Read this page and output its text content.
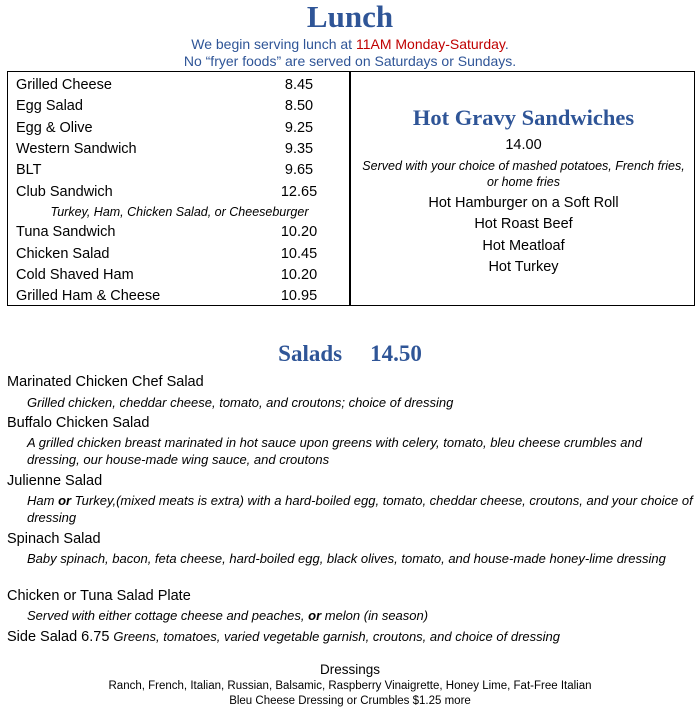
Lunch
We begin serving lunch at 11AM Monday-Saturday.
No “fryer foods” are served on Saturdays or Sundays.
Grilled Cheese	8.45
Egg Salad	8.50
Egg & Olive	9.25
Western Sandwich	9.35
BLT	9.65
Club Sandwich	12.65
Turkey, Ham, Chicken Salad, or Cheeseburger
Tuna Sandwich	10.20
Chicken Salad	10.45
Cold Shaved Ham	10.20
Grilled Ham & Cheese	10.95
Hot Gravy Sandwiches
14.00
Served with your choice of mashed potatoes, French fries, or home fries
Hot Hamburger on a Soft Roll
Hot Roast Beef
Hot Meatloaf
Hot Turkey
Salads 14.50
Marinated Chicken Chef Salad
Grilled chicken, cheddar cheese, tomato, and croutons; choice of dressing
Buffalo Chicken Salad
A grilled chicken breast marinated in hot sauce upon greens with celery, tomato, bleu cheese crumbles and dressing, our house-made wing sauce, and croutons
Julienne Salad
Ham or Turkey,(mixed meats is extra) with a hard-boiled egg, tomato, cheddar cheese, croutons, and your choice of dressing
Spinach Salad
Baby spinach, bacon, feta cheese, hard-boiled egg, black olives, tomato, and house-made honey-lime dressing
Chicken or Tuna Salad Plate
Served with either cottage cheese and peaches, or melon (in season)
Side Salad 6.75 Greens, tomatoes, varied vegetable garnish, croutons, and choice of dressing
Dressings
Ranch, French, Italian, Russian, Balsamic, Raspberry Vinaigrette, Honey Lime, Fat-Free Italian
Bleu Cheese Dressing or Crumbles $1.25 more
